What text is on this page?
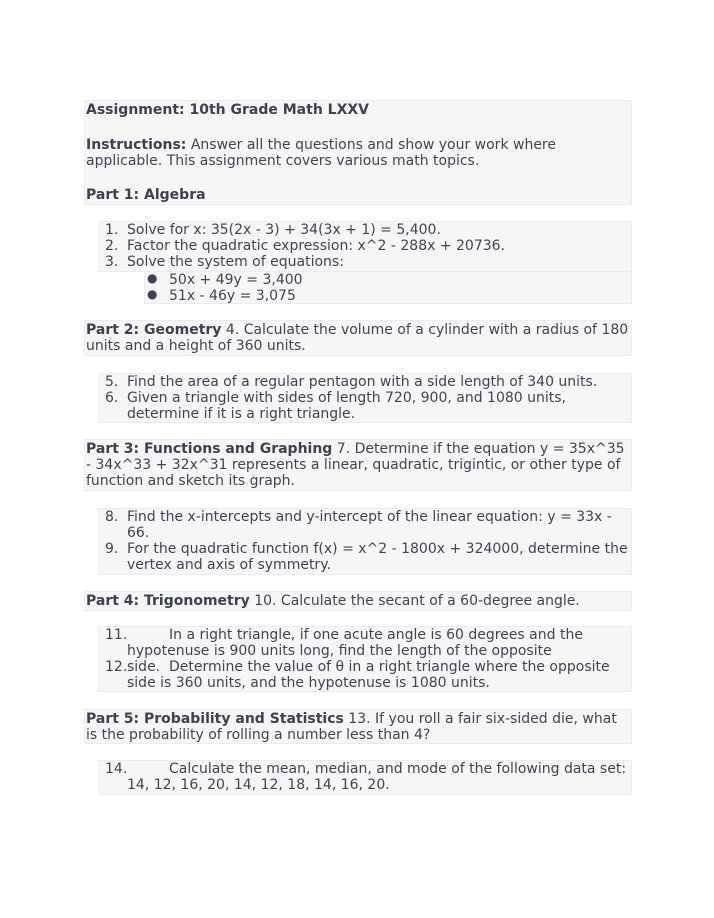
Assignment: 10th Grade Math LXXV

Instructions: Answer all the questions and show your work where applicable. This assignment covers various math topics.

Part 1: Algebra

1. Solve for x: 35(2x - 3) + 34(3x + 1) = 5,400.
2. Factor the quadratic expression: x^2 - 288x + 20736.
3. Solve the system of equations:
● 50x + 49y = 3,400
● 51x - 46y = 3,075

Part 2: Geometry 4. Calculate the volume of a cylinder with a radius of 180 units and a height of 360 units.

5. Find the area of a regular pentagon with a side length of 340 units.
6. Given a triangle with sides of length 720, 900, and 1080 units, determine if it is a right triangle.

Part 3: Functions and Graphing 7. Determine if the equation y = 35x^35 - 34x^33 + 32x^31 represents a linear, quadratic, trigintic, or other type of function and sketch its graph.

8. Find the x-intercepts and y-intercept of the linear equation: y = 33x - 66.
9. For the quadratic function f(x) = x^2 - 1800x + 324000, determine the vertex and axis of symmetry.

Part 4: Trigonometry 10. Calculate the secant of a 60-degree angle.

11.	In a right triangle, if one acute angle is 60 degrees and the hypotenuse is 900 units long, find the length of the opposite side.
12.	Determine the value of θ in a right triangle where the opposite side is 360 units, and the hypotenuse is 1080 units.

Part 5: Probability and Statistics 13. If you roll a fair six-sided die, what is the probability of rolling a number less than 4?

14.	Calculate the mean, median, and mode of the following data set: 14, 12, 16, 20, 14, 12, 18, 14, 16, 20.
